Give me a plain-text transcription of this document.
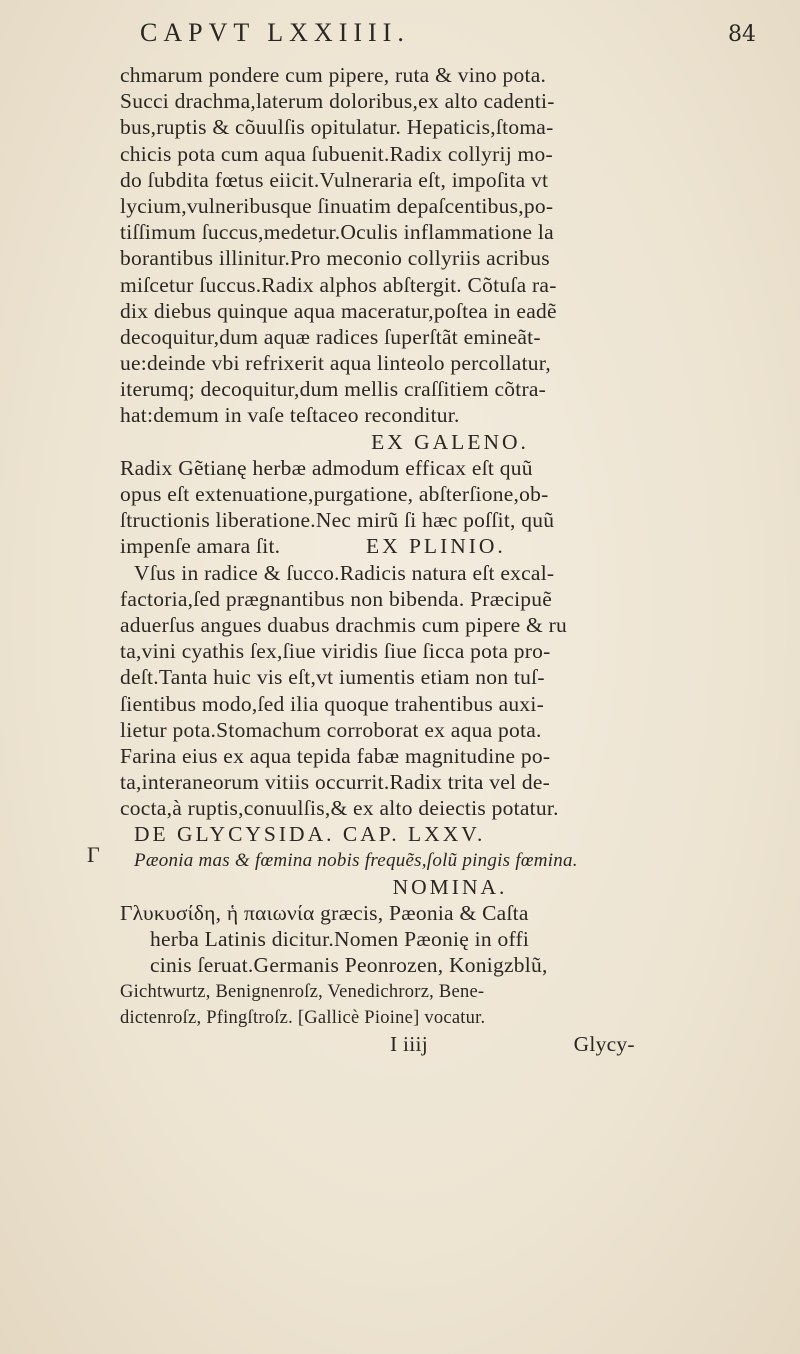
CAPVT LXXIIII.	84
Γ
chmarum pondere cum pipere, ruta & vino pota.
Succi drachma,laterum doloribus,ex alto cadenti-
bus,ruptis & cõuulſis opitulatur. Hepaticis,ſtoma-
chicis pota cum aqua ſubuenit.Radix collyrij mo-
do ſubdita fœtus eiicit.Vulneraria eſt, impoſita vt
lycium,vulneribusque ſinuatim depaſcentibus,po-
tiſſimum ſuccus,medetur.Oculis inflammatione la
borantibus illinitur.Pro meconio collyriis acribus
miſcetur ſuccus.Radix alphos abſtergit. Cõtuſa ra-
dix diebus quinque aqua maceratur,poſtea in eadẽ
decoquitur,dum aquæ radices ſuperſtãt emineãt-
ue:deinde vbi refrixerit aqua linteolo percollatur,
iterumq; decoquitur,dum mellis craſſitiem cõtra-
hat:demum in vaſe teſtaceo reconditur.
EX GALENO.
Radix Gẽtianę herbæ admodum efficax eſt quũ
opus eſt extenuatione,purgatione, abſterſione,ob-
ſtructionis liberatione.Nec mirũ ſi hæc poſſit, quũ
impenſe amara ſit.	EX PLINIO.
Vſus in radice & ſucco.Radicis natura eſt excal-
factoria,ſed prægnantibus non bibenda. Præcipuẽ
aduerſus angues duabus drachmis cum pipere & ru
ta,vini cyathis ſex,ſiue viridis ſiue ſicca pota pro-
deſt.Tanta huic vis eſt,vt iumentis etiam non tuſ-
ſientibus modo,ſed ilia quoque trahentibus auxi-
lietur pota.Stomachum corroborat ex aqua pota.
Farina eius ex aqua tepida fabæ magnitudine po-
ta,interaneorum vitiis occurrit.Radix trita vel de-
cocta,à ruptis,conuulſis,& ex alto deiectis potatur.
DE GLYCYSIDA. CAP. LXXV.
Pæonia mas & fœmina nobis frequẽs,ſolũ pingis fœmina.
NOMINA.
Γλυκυσίδη, ἡ παιωνία græcis, Pæonia & Caſta
herba Latinis dicitur.Nomen Pæonię in offi
cinis ſeruat.Germanis Peonrozen, Konigzblũ,
Gichtwurtz, Benignenroſz, Venedichrorz, Bene-
dictenroſz, Pfingſtroſz. [Gallicè Pioine] vocatur.
I iiij	Glycy-
